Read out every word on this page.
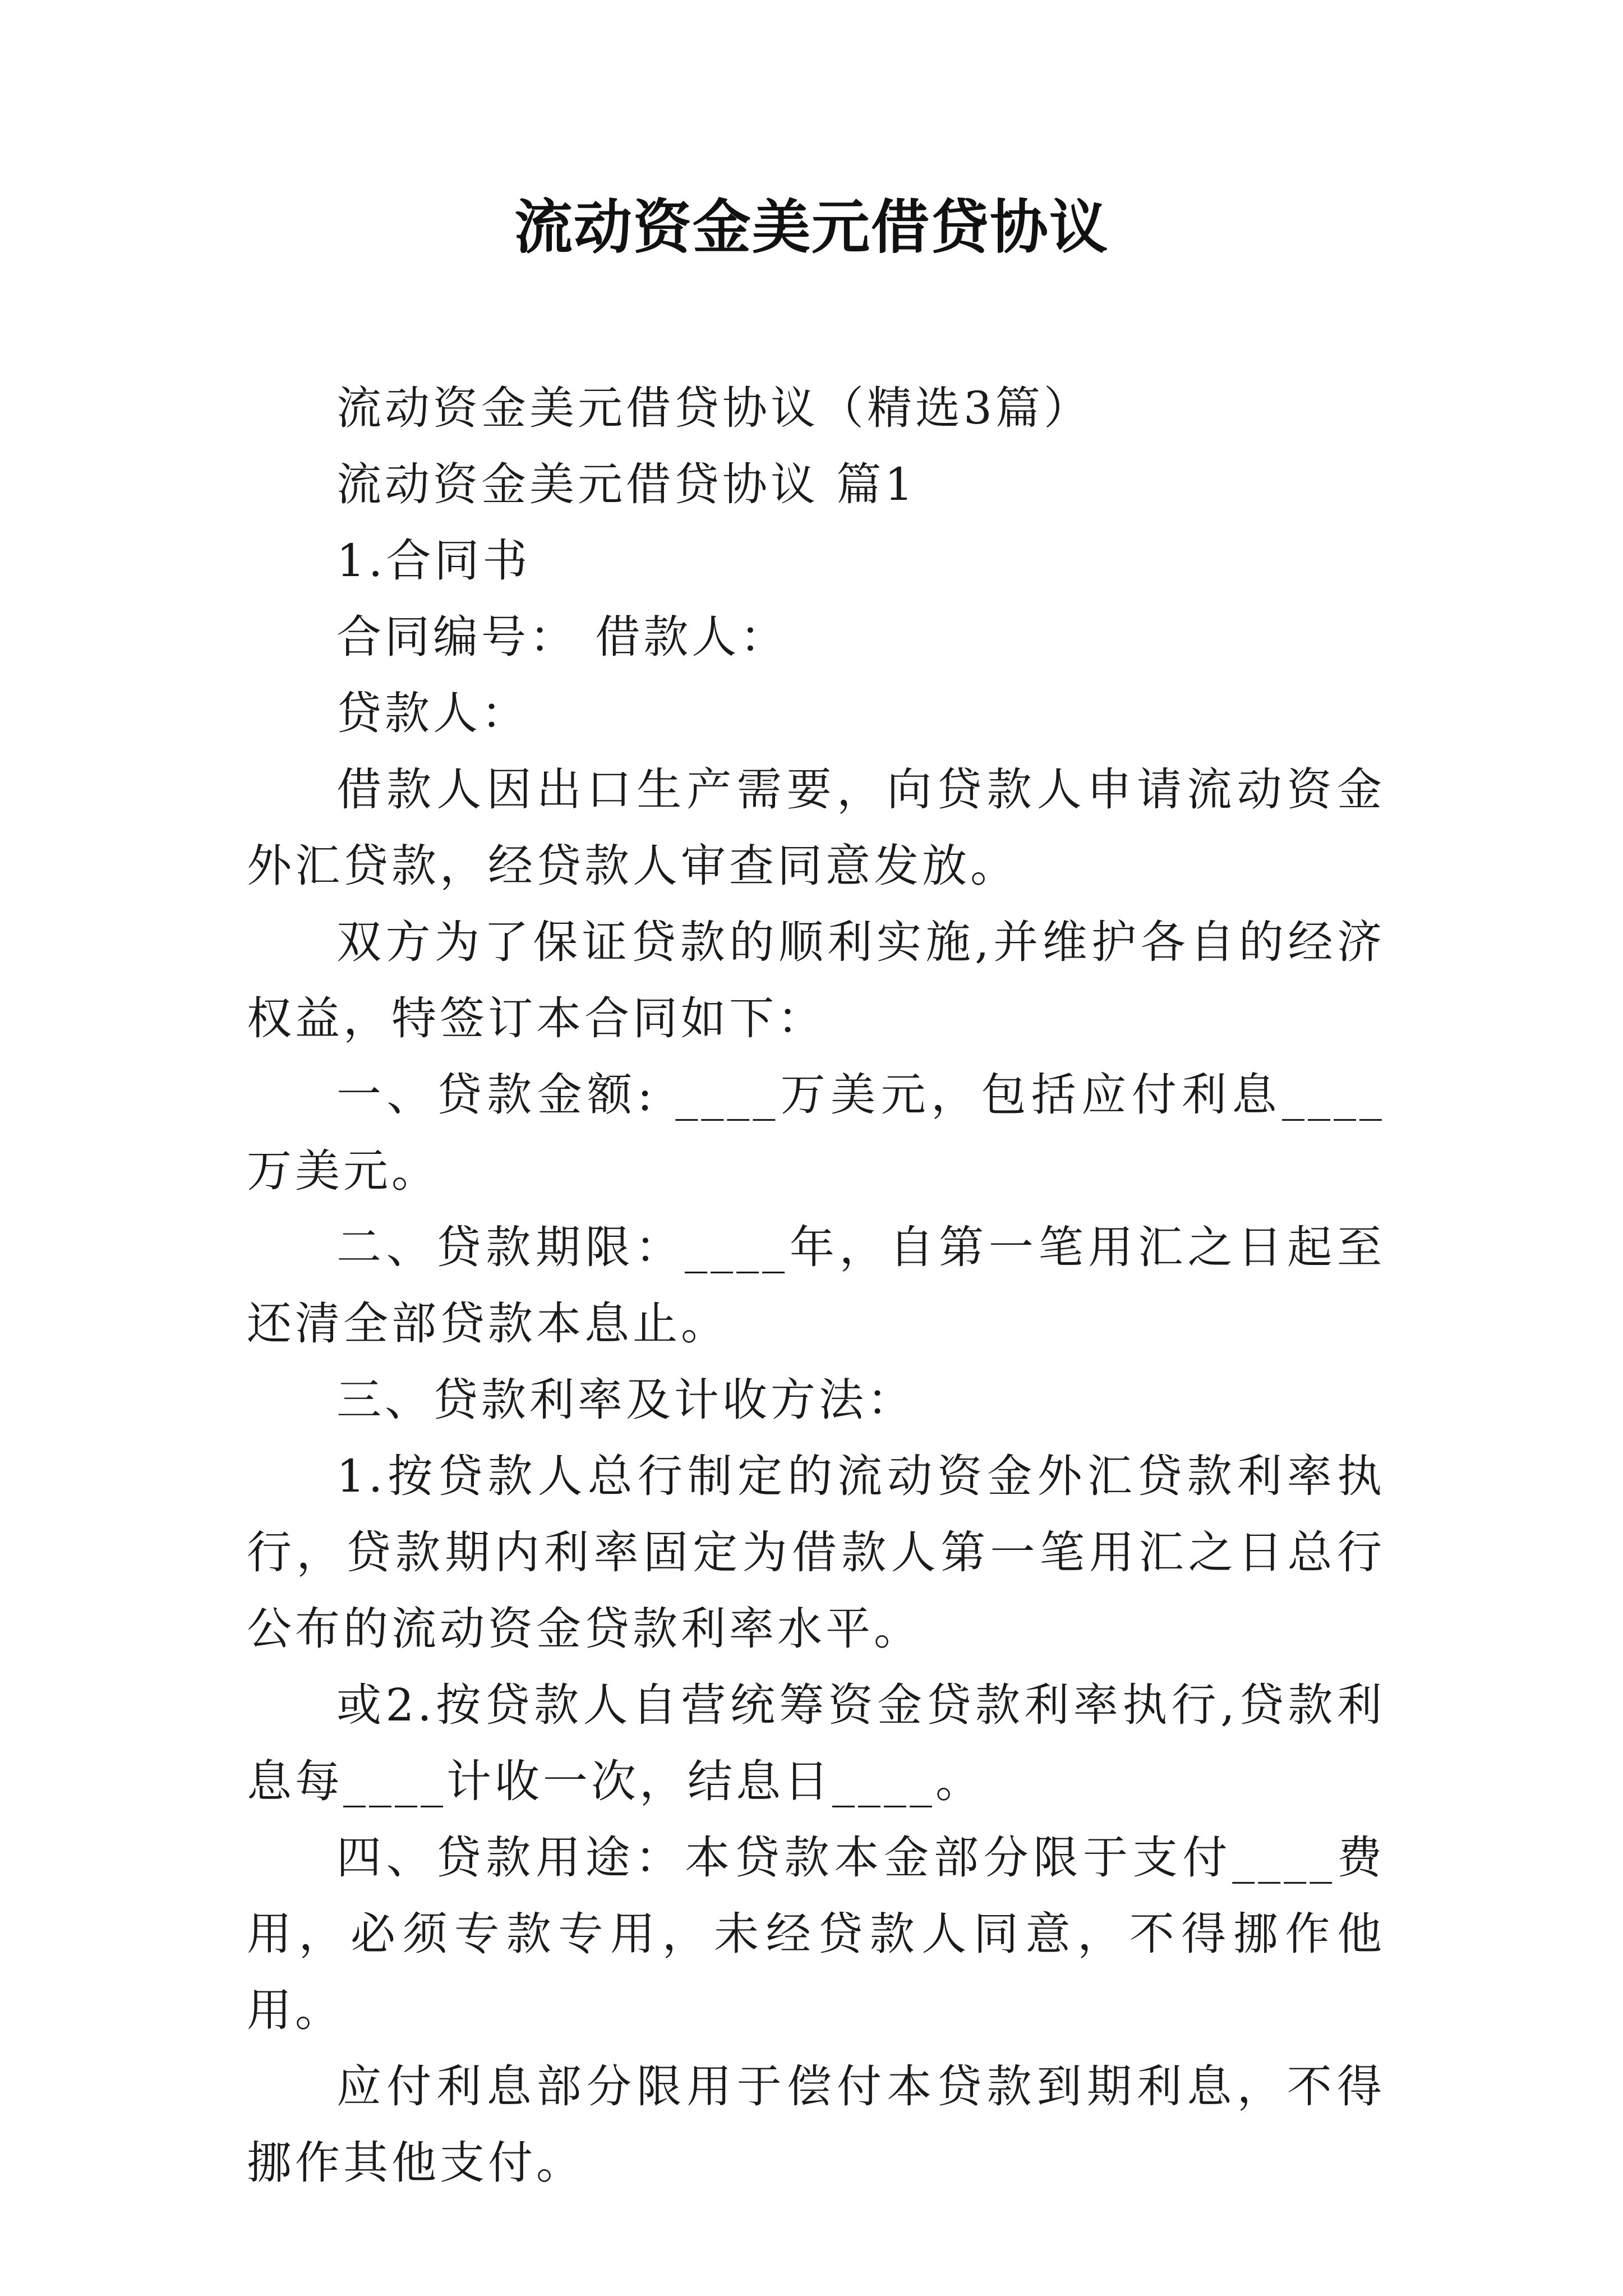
流动资金美元借贷协议

流动资金美元借贷协议（精选3篇）

流动资金美元借贷协议 篇1

1.合同书

合同编号： 借款人：

贷款人：

借款人因出口生产需要，向贷款人申请流动资金外汇贷款，经贷款人审查同意发放。

双方为了保证贷款的顺利实施,并维护各自的经济权益，特签订本合同如下：

一、贷款金额: ____万美元，包括应付利息____万美元。

二、贷款期限：____年，自第一笔用汇之日起至还清全部贷款本息止。

三、贷款利率及计收方法：

1.按贷款人总行制定的流动资金外汇贷款利率执行，贷款期内利率固定为借款人第一笔用汇之日总行公布的流动资金贷款利率水平。

或2.按贷款人自营统筹资金贷款利率执行,贷款利息每____计收一次，结息日____。

四、贷款用途：本贷款本金部分限于支付____费用，必须专款专用，未经贷款人同意，不得挪作他用。

应付利息部分限用于偿付本贷款到期利息，不得挪作其他支付。
